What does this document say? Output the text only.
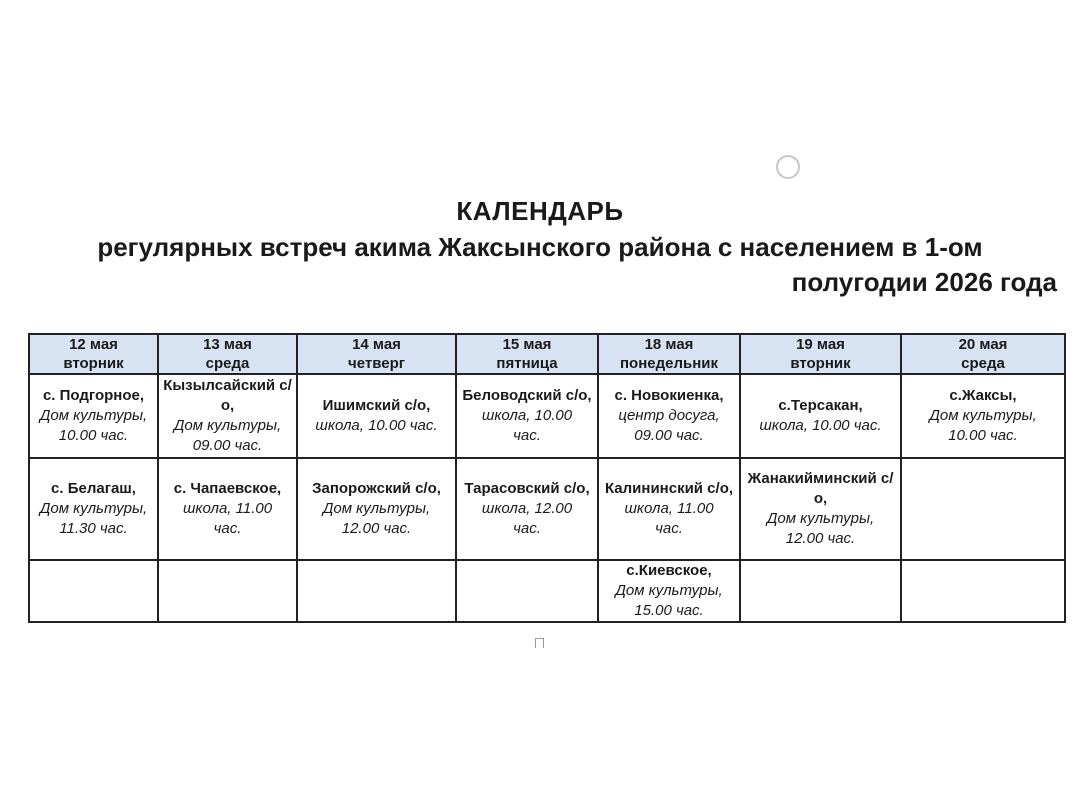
КАЛЕНДАРЬ
регулярных встреч акима Жаксынского района с населением в 1-ом
полугодии 2026 года
12 мая
вторник	13 мая
среда	14 мая
четверг	15 мая
пятница	18 мая
понедельник	19 мая
вторник	20 мая
среда

с. Подгорное,
Дом культуры,
10.00 час.	Кызылсайский с/о,
Дом культуры,
09.00 час.	Ишимский с/о,
школа, 10.00 час.	Беловодский с/о,
школа, 10.00
час.	с. Новокиенка,
центр досуга,
09.00 час.	с.Терсакан,
школа, 10.00 час.	с.Жаксы,
Дом культуры,
10.00 час.

с. Белагаш,
Дом культуры,
11.30 час.	с. Чапаевское,
школа, 11.00
час.	Запорожский с/о,
Дом культуры,
12.00 час.	Тарасовский с/о,
школа, 12.00
час.	Калининский с/о,
школа, 11.00
час.	Жанакийминский с/о,
Дом культуры,
12.00 час.	

				с.Киевское,
Дом культуры,
15.00 час.		
